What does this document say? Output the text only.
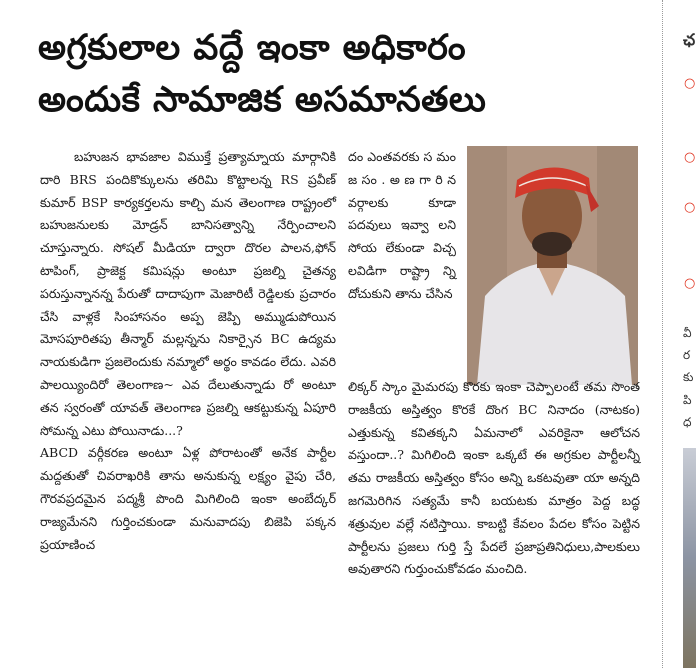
అగ్రకులాల వద్దే ఇంకా అధికారం
అందుకే సామాజిక అసమానతలు

బహుజన భావజాల విముక్తే ప్రత్యామ్నాయ మార్గానికి దారి BRS పందికొక్కులను తరిమి కొట్టాలన్న RS ప్రవీణ్ కుమార్ BSP కార్యకర్తలను కాల్చి మన తెలంగాణ రాష్ట్రంలో బహుజనులకు మోడ్రన్ బానిసత్వాన్ని నేర్పించాలని చూస్తున్నారు. సోషల్ మీడియా ద్వారా దొరల పాలన,ఫోన్ టాపింగ్, ప్రాజెక్ట కమిషన్లు అంటూ ప్రజల్ని చైతన్య పరుస్తున్నానన్న పేరుతో దాదాపుగా మెజారిటీ రెడ్డిలకు ప్రచారం చేసి వాళ్లకే సింహాసనం అప్ప జెప్పి అమ్ముడుపోయిన మోసపూరితపు తీన్మార్ మల్లన్నను నికార్సైన BC ఉద్యమ నాయకుడిగా ప్రజలెందుకు నమ్మాలో అర్థం కావడం లేదు. ఎవరి పాలయ్యిందిరో తెలంగాణ~ ఎవ దేలుతున్నాడు రో అంటూ తన స్వరంతో యావత్ తెలంగాణ ప్రజల్ని ఆకట్టుకున్న ఏపూరి సోమన్న ఎటు పోయినాడు...?

ABCD వర్గీకరణ అంటూ ఏళ్ల పోరాటంతో అనేక పార్టీల మద్దతుతో చివరాఖరికి తాను అనుకున్న లక్ష్యం వైపు చేరి, గౌరవప్రదమైన పద్మశ్రీ పొంది మిగిలింది ఇంకా అంబేద్కర్ రాజ్యమేనని గుర్తించకుండా మనువాదపు బిజెపి పక్కన ప్రయాణించ

దం ఎంతవరకు స మం జ సం . అ ణ గా రి న వర్గాలకు కూడా పదవులు ఇవ్వా లని సోయ లేకుండా విచ్చ లవిడిగా రాష్ట్రా న్ని దోచుకుని తాను చేసిన

లిక్కర్ స్కాం మైమరపు కొరకు ఇంకా చెప్పాలంటే తమ సొంత రాజకీయ అస్తిత్వం కొరకే దొంగ BC నినాదం (నాటకం) ఎత్తుకున్న కవితక్కని ఏమనాలో ఎవరికైనా ఆలోచన వస్తుందా..? మిగిలింది ఇంకా ఒక్కటే ఈ అగ్రకుల పార్టీలన్నీ తమ రాజకీయ అస్తిత్వం కోసం అన్ని ఒకటవుతా యా అన్నది జగమెరిగిన సత్యమే కానీ బయటకు మాత్రం పెద్ద బద్ధ శత్రువుల వల్లే నటిస్తాయి. కాబట్టి కేవలం పేదల కోసం పెట్టిన పార్టీలను ప్రజలు గుర్తి స్తే పేదలే ప్రజాప్రతినిధులు,పాలకులు అవుతారని గుర్తుంచుకోవడం మంచిది.

ఛ
○
○
○
○
వీ
ర
కు
పి
ధ
